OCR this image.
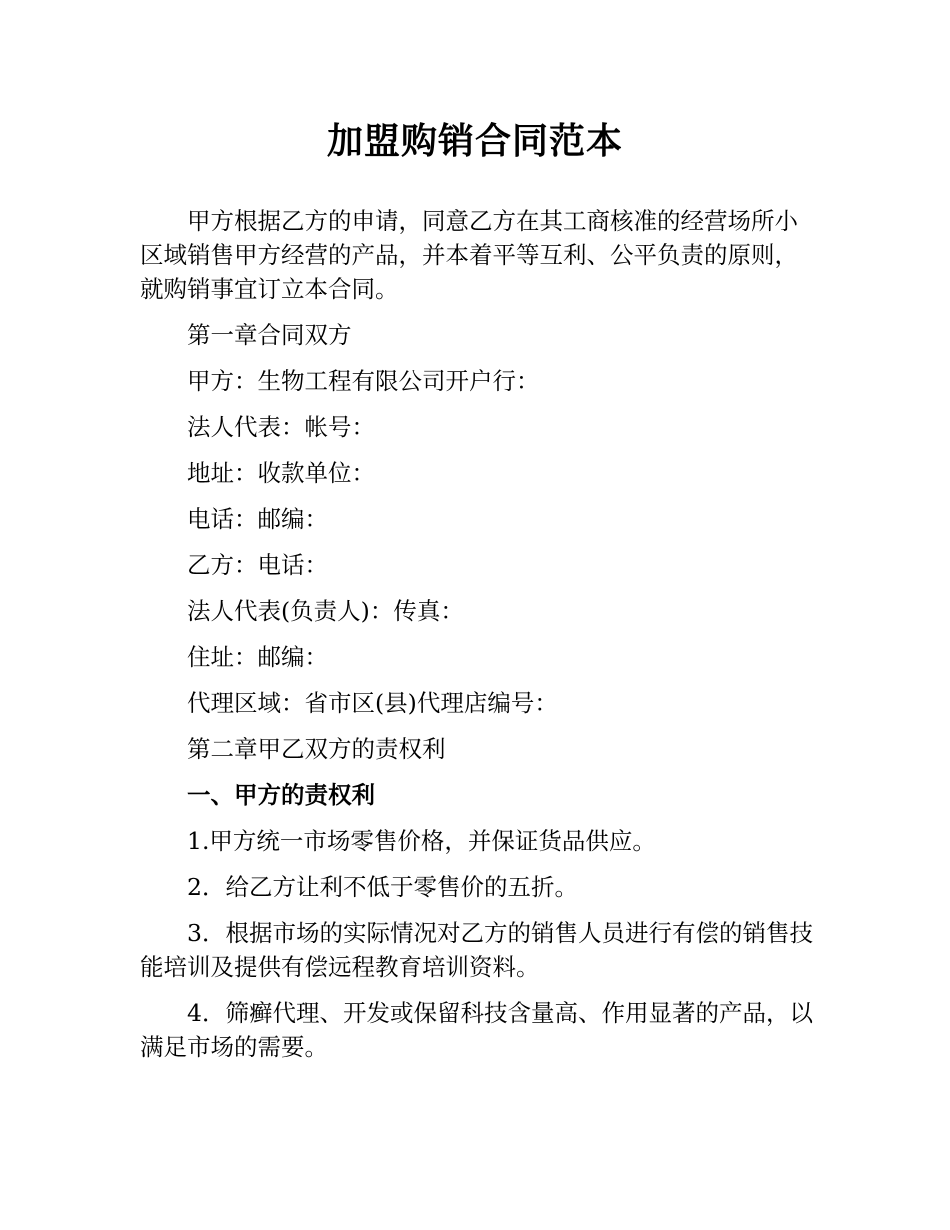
加盟购销合同范本

甲方根据乙方的申请，同意乙方在其工商核准的经营场所小区域销售甲方经营的产品，并本着平等互利、公平负责的原则，就购销事宜订立本合同。

第一章合同双方

甲方：生物工程有限公司开户行：

法人代表：帐号：

地址：收款单位：

电话：邮编：

乙方：电话：

法人代表(负责人)：传真：

住址：邮编：

代理区域：省市区(县)代理店编号：

第二章甲乙双方的责权利

一、甲方的责权利

1.甲方统一市场零售价格，并保证货品供应。

2．给乙方让利不低于零售价的五折。

3．根据市场的实际情况对乙方的销售人员进行有偿的销售技能培训及提供有偿远程教育培训资料。

4．筛癣代理、开发或保留科技含量高、作用显著的产品，以满足市场的需要。
